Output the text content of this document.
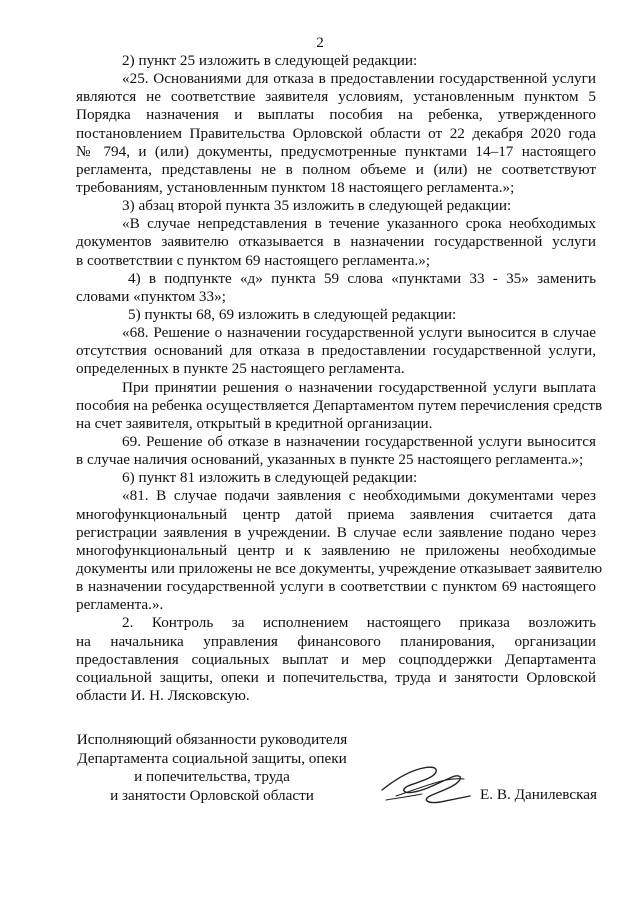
2
2) пункт 25 изложить в следующей редакции:
«25. Основаниями для отказа в предоставлении государственной услуги
являются не соответствие заявителя условиям, установленным пунктом 5
Порядка назначения и выплаты пособия на ребенка, утвержденного
постановлением Правительства Орловской области от 22 декабря 2020 года
№ 794, и (или) документы, предусмотренные пунктами 14–17 настоящего
регламента, представлены не в полном объеме и (или) не соответствуют
требованиям, установленным пунктом 18 настоящего регламента.»;
3) абзац второй пункта 35 изложить в следующей редакции:
«В случае непредставления в течение указанного срока необходимых
документов заявителю отказывается в назначении государственной услуги
в соответствии с пунктом 69 настоящего регламента.»;
4) в подпункте «д» пункта 59 слова «пунктами 33 - 35» заменить
словами «пунктом 33»;
5) пункты 68, 69 изложить в следующей редакции:
«68. Решение о назначении государственной услуги выносится в случае
отсутствия оснований для отказа в предоставлении государственной услуги,
определенных в пункте 25 настоящего регламента.
При принятии решения о назначении государственной услуги выплата
пособия на ребенка осуществляется Департаментом путем перечисления средств
на счет заявителя, открытый в кредитной организации.
69. Решение об отказе в назначении государственной услуги выносится
в случае наличия оснований, указанных в пункте 25 настоящего регламента.»;
6) пункт 81 изложить в следующей редакции:
«81. В случае подачи заявления с необходимыми документами через
многофункциональный центр датой приема заявления считается дата
регистрации заявления в учреждении. В случае если заявление подано через
многофункциональный центр и к заявлению не приложены необходимые
документы или приложены не все документы, учреждение отказывает заявителю
в назначении государственной услуги в соответствии с пунктом 69 настоящего
регламента.».
2. Контроль за исполнением настоящего приказа возложить
на начальника управления финансового планирования, организации
предоставления социальных выплат и мер соцподдержки Департамента
социальной защиты, опеки и попечительства, труда и занятости Орловской
области И. Н. Лясковскую.
Исполняющий обязанности руководителя
Департамента социальной защиты, опеки
и попечительства, труда
и занятости Орловской области	Е. В. Данилевская
